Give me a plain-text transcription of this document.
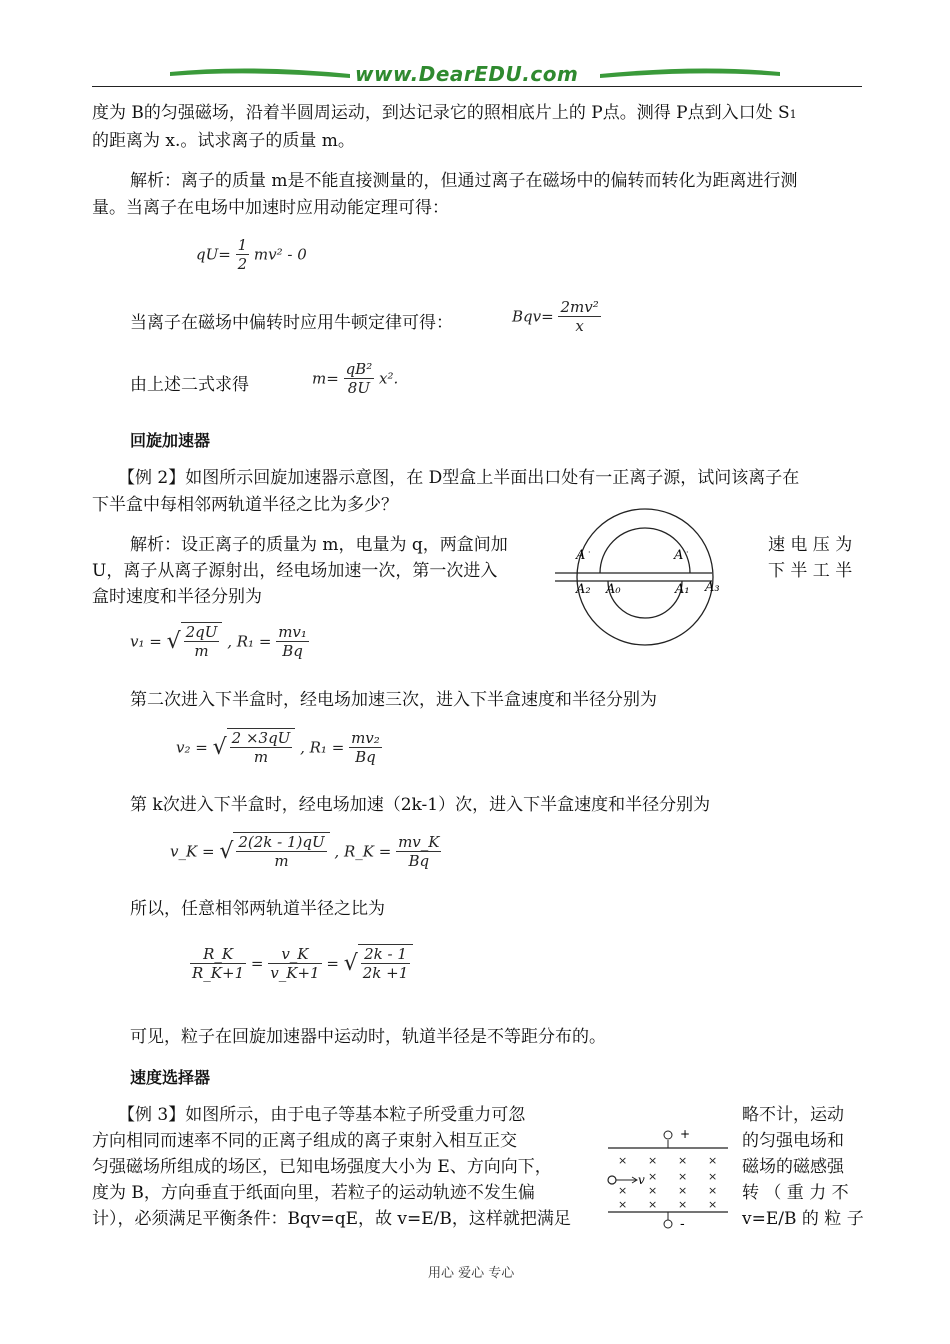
www.DearEDU.com
度为 B的匀强磁场，沿着半圆周运动，到达记录它的照相底片上的 P点。测得 P点到入口处 S1
的距离为 x.。试求离子的质量 m。
解析：离子的质量 m是不能直接测量的，但通过离子在磁场中的偏转而转化为距离进行测
量。当离子在电场中加速时应用动能定理可得：
$qU= \frac{1}{2} mv^2 - 0$
当离子在磁场中偏转时应用牛顿定律可得：	$Bqv= \frac{\text{2mv²}}{x}$
由上述二式求得	$m= \frac{\text{qB²}}{8U} x^2$.
回旋加速器
【例 2】如图所示回旋加速器示意图，在 D型盒上半面出口处有一正离子源，试问该离子在
下半盒中每相邻两轨道半径之比为多少？
解析：设正离子的质量为 m，电量为 q，两盒间加	速 电 压 为
U，离子从离子源射出，经电场加速一次，第一次进入	下 半 工 半
盒时速度和半径分别为
A ·	A ·
A₂ A₀	A₁ A₃
v₁ = √ $\frac{2qU}{m}$ , $R_1 = \frac{\text{mv₁}}{Bq}$
第二次进入下半盒时，经电场加速三次，进入下半盒速度和半径分别为
v₂ = √ $\frac{2 \times 3qU}{m}$ , $R_1 = \frac{\text{mv₂}}{Bq}$
第 k次进入下半盒时，经电场加速（2k-1）次，进入下半盒速度和半径分别为
v_K = √ $\frac{2(2k - 1)qU}{m}$ , R_K = $\frac{mv\_K}{Bq}$
所以，任意相邻两轨道半径之比为
$\frac{R\_K}{R\_K+1} = \frac{v\_K}{v\_K+1}$ = √ $\frac{2k - 1}{2k +1}$
可见，粒子在回旋加速器中运动时，轨道半径是不等距分布的。
速度选择器
【例 3】如图所示，由于电子等基本粒子所受重力可忽	略不计，运动
方向相同而速率不同的正离子组成的离子束射入相互正交	的匀强电场和
匀强磁场所组成的场区，已知电场强度大小为 E、方向向下，	磁场的磁感强
度为 B，方向垂直于纸面向里，若粒子的运动轨迹不发生偏	转 （ 重 力 不
计），必须满足平衡条件：Bqv=qE，故 v=E/B，这样就把满足	v=E/B 的 粒 子
+
-
× × × ×
× × ×
× × × ×
× × × ×
v
用心 爱心 专心
